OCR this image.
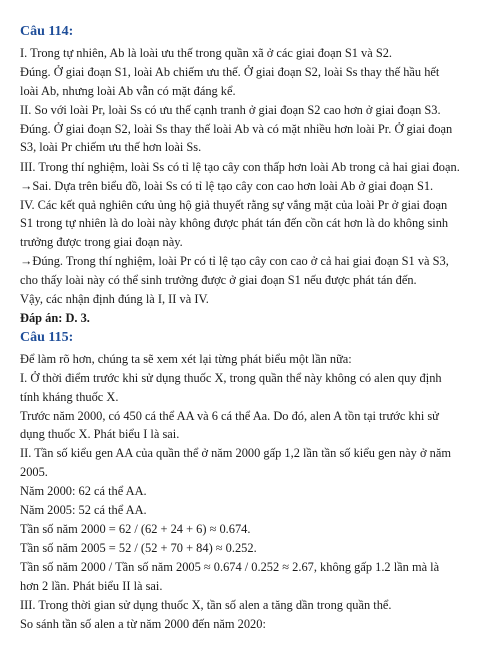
Câu 114:
I. Trong tự nhiên, Ab là loài ưu thế trong quần xã ở các giai đoạn S1 và S2.
Đúng. Ở giai đoạn S1, loài Ab chiếm ưu thế. Ở giai đoạn S2, loài Ss thay thế hầu hết loài Ab, nhưng loài Ab vẫn có mặt đáng kể.
II. So với loài Pr, loài Ss có ưu thế cạnh tranh ở giai đoạn S2 cao hơn ở giai đoạn S3.
Đúng. Ở giai đoạn S2, loài Ss thay thế loài Ab và có mặt nhiều hơn loài Pr. Ở giai đoạn S3, loài Pr chiếm ưu thế hơn loài Ss.
III. Trong thí nghiệm, loài Ss có tỉ lệ tạo cây con thấp hơn loài Ab trong cả hai giai đoạn.
→Sai. Dựa trên biểu đồ, loài Ss có tỉ lệ tạo cây con cao hơn loài Ab ở giai đoạn S1.
IV. Các kết quả nghiên cứu ủng hộ giả thuyết rằng sự vắng mặt của loài Pr ở giai đoạn S1 trong tự nhiên là do loài này không được phát tán đến cồn cát hơn là do không sinh trưởng được trong giai đoạn này.
→Đúng. Trong thí nghiệm, loài Pr có tỉ lệ tạo cây con cao ở cả hai giai đoạn S1 và S3, cho thấy loài này có thể sinh trưởng được ở giai đoạn S1 nếu được phát tán đến.
Vậy, các nhận định đúng là I, II và IV.
Đáp án: D. 3.
Câu 115:
Để làm rõ hơn, chúng ta sẽ xem xét lại từng phát biểu một lần nữa:
I. Ở thời điểm trước khi sử dụng thuốc X, trong quần thể này không có alen quy định tính kháng thuốc X.
Trước năm 2000, có 450 cá thể AA và 6 cá thể Aa. Do đó, alen A tồn tại trước khi sử dụng thuốc X. Phát biểu I là sai.
II. Tần số kiểu gen AA của quần thể ở năm 2000 gấp 1,2 lần tần số kiểu gen này ở năm 2005.
Năm 2000: 62 cá thể AA.
Năm 2005: 52 cá thể AA.
Tần số năm 2000 = 62 / (62 + 24 + 6) ≈ 0.674.
Tần số năm 2005 = 52 / (52 + 70 + 84) ≈ 0.252.
Tần số năm 2000 / Tần số năm 2005 ≈ 0.674 / 0.252 ≈ 2.67, không gấp 1.2 lần mà là hơn 2 lần. Phát biểu II là sai.
III. Trong thời gian sử dụng thuốc X, tần số alen a tăng dần trong quần thể.
So sánh tần số alen a từ năm 2000 đến năm 2020:
